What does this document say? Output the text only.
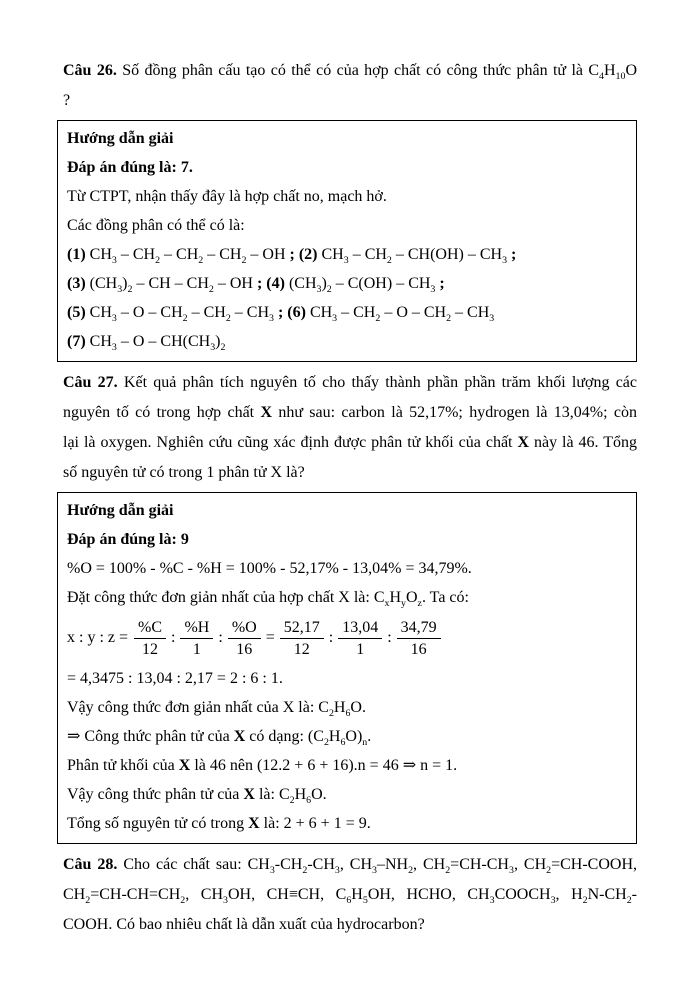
Câu 26. Số đồng phân cấu tạo có thể có của hợp chất có công thức phân tử là $C_4H_{10}O$
?
Hướng dẫn giải
Đáp án đúng là: 7.
Từ CTPT, nhận thấy đây là hợp chất no, mạch hở.
Các đồng phân có thể có là:
(1) $CH_3 - CH_2 - CH_2 - CH_2$ – OH ; (2) $CH_3 - CH_2 - CH(OH) - CH_3$ ;
(3) $(CH_3)_2$ – CH – $CH_2$ – OH ; (4) $(CH_3)_2 - C(OH) - CH_3$ ;
(5) $CH_3$ – O – $CH_2 - CH_2 - CH_3$ ; (6) $CH_3 - CH_2$ – O – $CH_2 - CH_3$
(7) $CH_3$ – O – $CH(CH_3)_2$
Câu 27. Kết quả phân tích nguyên tố cho thấy thành phần phần trăm khối lượng các
nguyên tố có trong hợp chất X như sau: carbon là 52,17%; hydrogen là 13,04%; còn
lại là oxygen. Nghiên cứu cũng xác định được phân tử khối của chất X này là 46. Tổng
số nguyên tử có trong 1 phân tử X là?
Hướng dẫn giải
Đáp án đúng là: 9
%O = 100% - %C - %H = 100% - 52,17% - 13,04% = 34,79%.
Đặt công thức đơn giản nhất của hợp chất X là: $C_xH_yO_z$. Ta có:
x : y : $z = \frac{\%C}{12}$ : $\frac{\%H}{1}$ : $\frac{\%O}{16} = \frac{52,17}{12}$ : $\frac{13,04}{1}$ : $\frac{34,79}{16}$
= 4,3475 : 13,04 : 2,17 = 2 : 6 : 1.
Vậy công thức đơn giản nhất của X là: $C_2H_6O$.
⇒ Công thức phân tử của X có dạng: $(C_2H_6O)_n$.
Phân tử khối của X là 46 nên (12.2 + 6 + 16).n = 46 ⇒ n = 1.
Vậy công thức phân tử của X là: $C_2H_6O$.
Tổng số nguyên tử có trong X là: 2 + 6 + 1 = 9.
Câu 28. Cho các chất sau: $CH_3-CH_2-CH_3$, $CH_3-NH_2$, $CH_2=CH-CH_3$, $CH_2=CH$-COOH,
$CH_2=CH-CH=CH_2$, $CH_3OH$, CH≡CH, $C_6H_5OH$, HCHO, $CH_3COOCH_3$, $H_2N-CH_2-$
COOH. Có bao nhiêu chất là dẫn xuất của hydrocarbon?
